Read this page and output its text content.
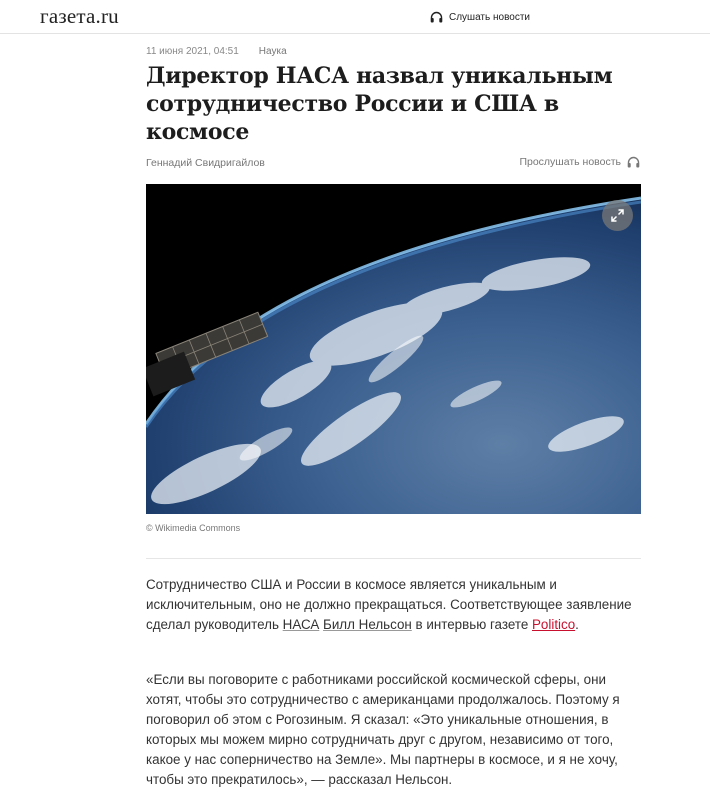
газета.ru	Слушать новости
11 июня 2021, 04:51 Наука
Директор НАСА назвал уникальным сотрудничество России и США в космосе
Геннадий Свидригайлов	Прослушать новость
© Wikimedia Commons

Сотрудничество США и России в космосе является уникальным и исключительным, оно не должно прекращаться. Соответствующее заявление сделал руководитель НАСА Билл Нельсон в интервью газете Politico.

«Если вы поговорите с работниками российской космической сферы, они хотят, чтобы это сотрудничество с американцами продолжалось. Поэтому я поговорил об этом с Рогозиным. Я сказал: «Это уникальные отношения, в которых мы можем мирно сотрудничать друг с другом, независимо от того, какое у нас соперничество на Земле». Мы партнеры в космосе, и я не хочу, чтобы это прекратилось», — рассказал Нельсон.
